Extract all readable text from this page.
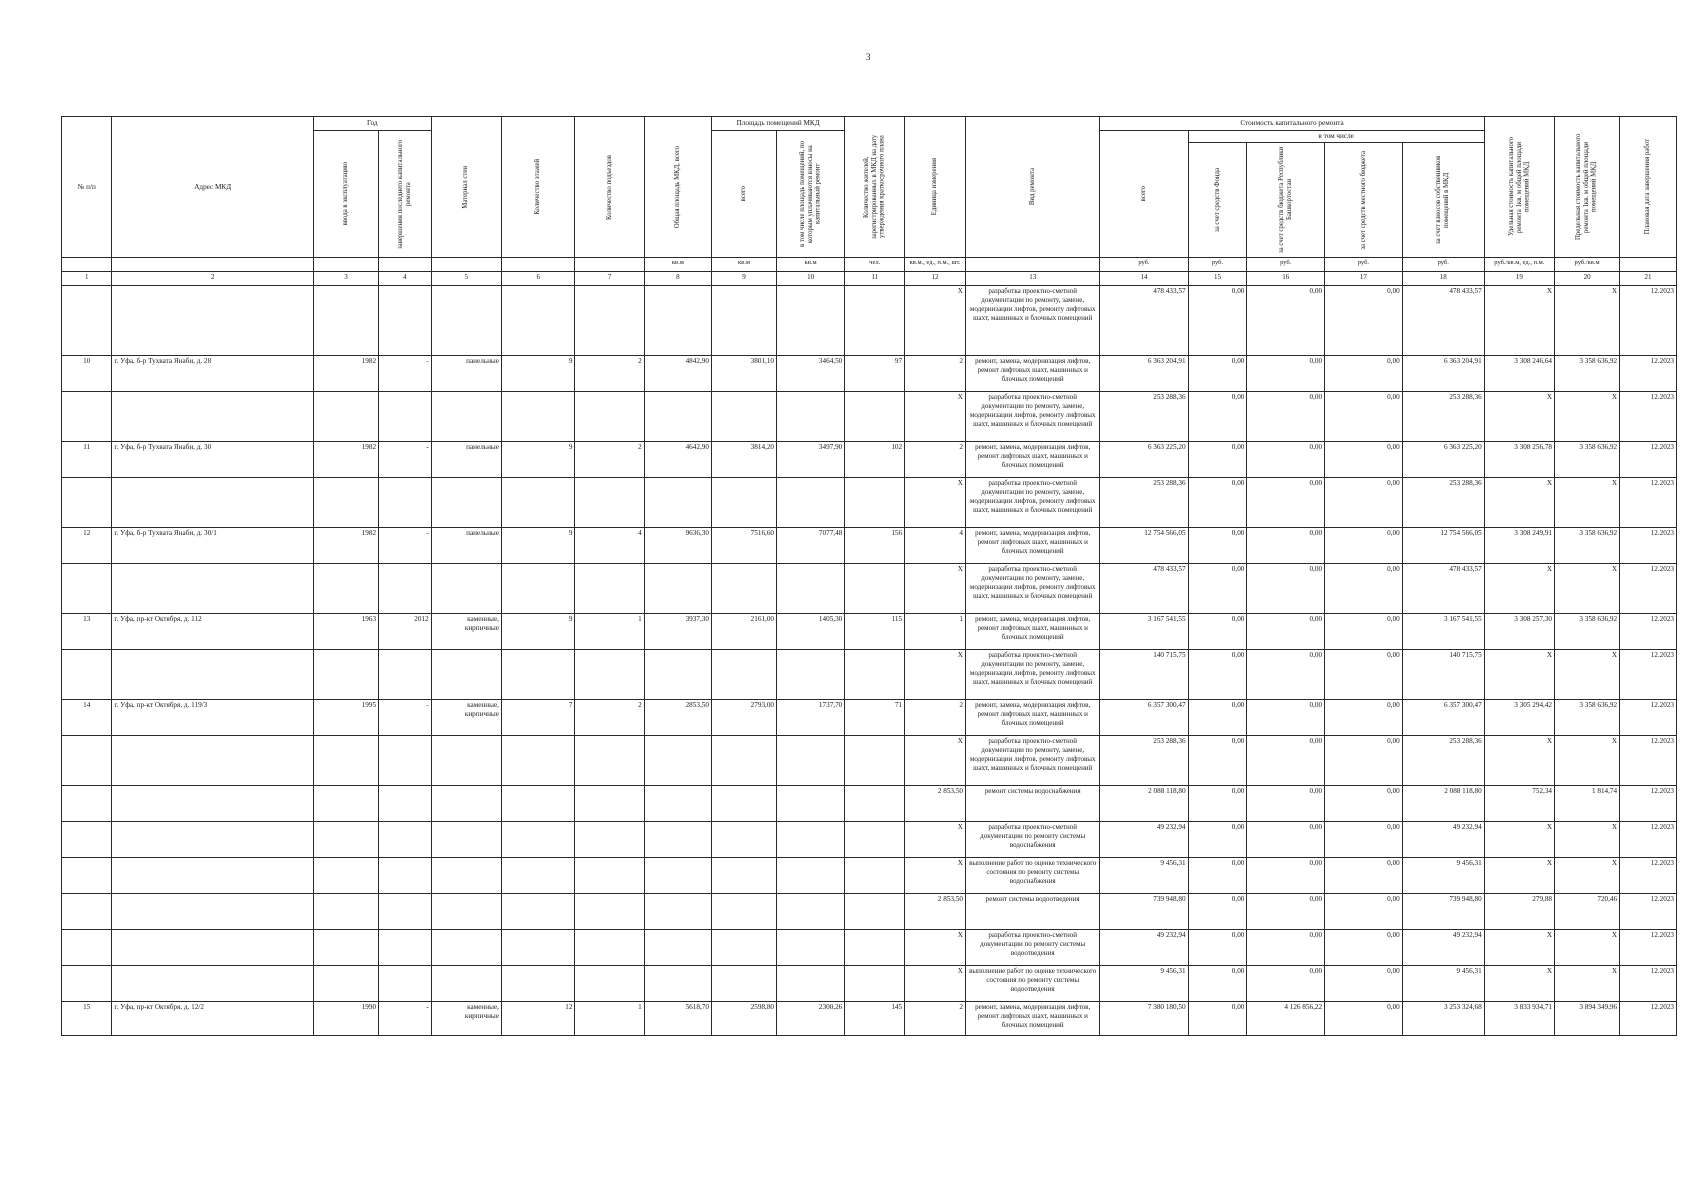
3
№ п/п	Адрес МКД	Год		Материал стен	Количество этажей	Количество подъездов	Общая площадь МКД, всего	Площадь помещений МКД		Количество жителей, зарегистрированных в МКД на дату утверждения краткосрочного плана	Единица измерения	Вид ремонта	Стоимость капитального ремонта					Удельная стоимость капитального ремонта 1кв. м общей площади помещений МКД	Предельная стоимость капитального ремонта 1кв. м общей площади помещений МКД	Плановая дата завершения работ

		ввода в эксплуатацию	завершения последнего капитального ремонта					всего	в том числе площадь помещений, по которым уплачиваются взносы на капитальный ремонт				всего	в том числе						

														за счет средств Фонда	за счет средств бюджета Республики Башкортостан	за счет средств местного бюджета	за счет взносов собственников помещений в МКД			

							кв.м	кв.м	кв.м	чел.	кв.м., ед., п.м., шт.		руб.	руб.	руб.	руб.	руб.	руб./кв.м, ед., п.м.	руб./кв.м	
1	2	3	4	5	6	7	8	9	10	11	12	13	14	15	16	17	18	19	20	21
											X	разработка проектно-сметной документации по ремонту, замене, модернизации лифтов, ремонту лифтовых шахт, машинных и блочных помещений	478 433,57	0,00	0,00	0,00	478 433,57	X	X	12.2023
10	г. Уфа, б-р Тухвата Янаби, д. 28	1982	-	панельные	9	2	4842,90	3801,10	3464,50	97	2	ремонт, замена, модернизация лифтов, ремонт лифтовых шахт, машинных и блочных помещений	6 363 204,91	0,00	0,00	0,00	6 363 204,91	3 308 246,64	3 358 636,92	12.2023
											X	разработка проектно-сметной документации по ремонту, замене, модернизации лифтов, ремонту лифтовых шахт, машинных и блочных помещений	253 288,36	0,00	0,00	0,00	253 288,36	X	X	12.2023
11	г. Уфа, б-р Тухвата Янаби, д. 30	1982	-	панельные	9	2	4642,90	3814,20	3497,90	102	2	ремонт, замена, модернизация лифтов, ремонт лифтовых шахт, машинных и блочных помещений	6 363 225,20	0,00	0,00	0,00	6 363 225,20	3 308 256,78	3 358 636,92	12.2023
											X	разработка проектно-сметной документации по ремонту, замене, модернизации лифтов, ремонту лифтовых шахт, машинных и блочных помещений	253 288,36	0,00	0,00	0,00	253 288,36	X	X	12.2023
12	г. Уфа, б-р Тухвата Янаби, д. 30/1	1982	-	панельные	9	4	9636,30	7516,60	7077,48	156	4	ремонт, замена, модернизация лифтов, ремонт лифтовых шахт, машинных и блочных помещений	12 754 566,05	0,00	0,00	0,00	12 754 566,05	3 308 249,91	3 358 636,92	12.2023
											X	разработка проектно-сметной документации по ремонту, замене, модернизации лифтов, ремонту лифтовых шахт, машинных и блочных помещений	478 433,57	0,00	0,00	0,00	478 433,57	X	X	12.2023
13	г. Уфа, пр-кт Октября, д. 112	1963	2012	каменные, кирпичные	9	1	3937,30	2161,00	1405,30	115	1	ремонт, замена, модернизация лифтов, ремонт лифтовых шахт, машинных и блочных помещений	3 167 541,55	0,00	0,00	0,00	3 167 541,55	3 308 257,30	3 358 636,92	12.2023
											X	разработка проектно-сметной документации по ремонту, замене, модернизации лифтов, ремонту лифтовых шахт, машинных и блочных помещений	140 715,75	0,00	0,00	0,00	140 715,75	X	X	12.2023
14	г. Уфа, пр-кт Октября, д. 119/3	1995	-	каменные, кирпичные	7	2	2853,50	2793,00	1737,70	71	2	ремонт, замена, модернизация лифтов, ремонт лифтовых шахт, машинных и блочных помещений	6 357 300,47	0,00	0,00	0,00	6 357 300,47	3 305 294,42	3 358 636,92	12.2023
											X	разработка проектно-сметной документации по ремонту, замене, модернизации лифтов, ремонту лифтовых шахт, машинных и блочных помещений	253 288,36	0,00	0,00	0,00	253 288,36	X	X	12.2023
											2 853,50	ремонт системы водоснабжения	2 088 118,80	0,00	0,00	0,00	2 088 118,80	752,34	1 814,74	12.2023
											X	разработка проектно-сметной документации по ремонту системы водоснабжения	49 232,94	0,00	0,00	0,00	49 232,94	X	X	12.2023
											X	выполнение работ по оценке технического состояния по ремонту системы водоснабжения	9 456,31	0,00	0,00	0,00	9 456,31	X	X	12.2023
											2 853,50	ремонт системы водоотведения	739 948,80	0,00	0,00	0,00	739 948,80	279,88	720,46	12.2023
											X	разработка проектно-сметной документации по ремонту системы водоотведения	49 232,94	0,00	0,00	0,00	49 232,94	X	X	12.2023
											X	выполнение работ по оценке технического состояния по ремонту системы водоотведения	9 456,31	0,00	0,00	0,00	9 456,31	X	X	12.2023
15	г. Уфа, пр-кт Октября, д. 12/2	1990	-	каменные, кирпичные	12	1	5618,70	2598,80	2300,26	145	2	ремонт, замена, модернизация лифтов, ремонт лифтовых шахт, машинных и блочных помещений	7 380 180,50	0,00	4 126 856,22	0,00	3 253 324,68	3 833 934,71	3 894 349,96	12.2023
